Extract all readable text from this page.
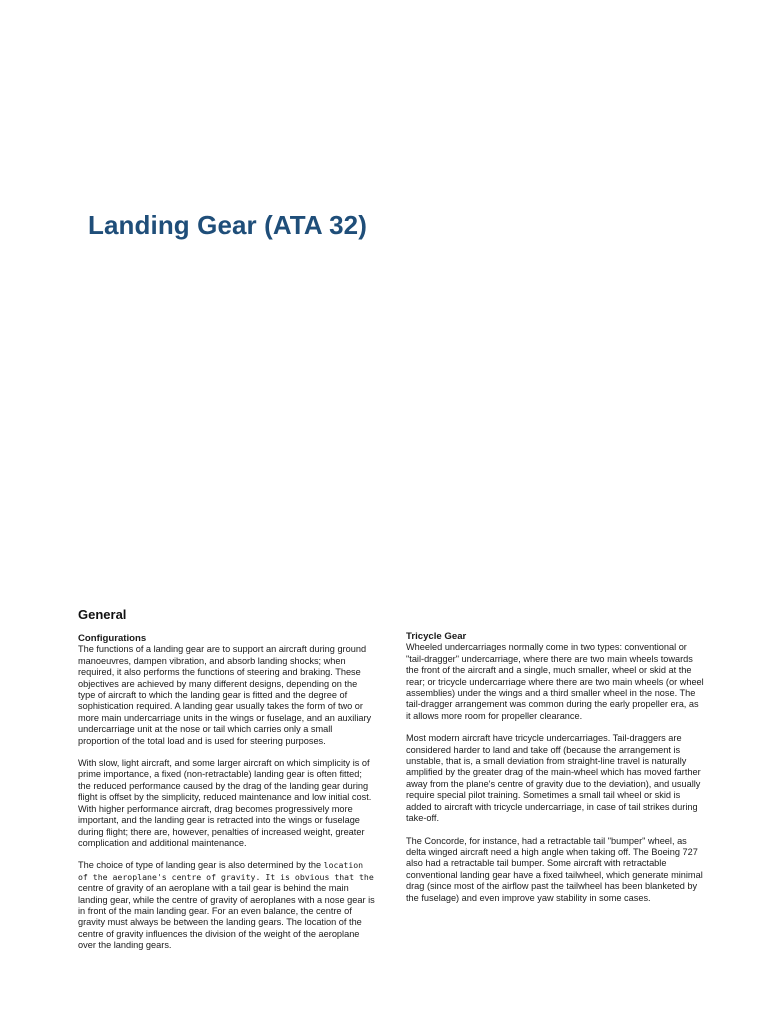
Landing Gear (ATA 32)
General

Configurations

The functions of a landing gear are to support an aircraft during ground manoeuvres, dampen vibration, and absorb landing shocks; when required, it also performs the functions of steering and braking. These objectives are achieved by many different designs, depending on the type of aircraft to which the landing gear is fitted and the degree of sophistication required. A landing gear usually takes the form of two or more main undercarriage units in the wings or fuselage, and an auxiliary undercarriage unit at the nose or tail which carries only a small proportion of the total load and is used for steering purposes.

With slow, light aircraft, and some larger aircraft on which simplicity is of prime importance, a fixed (non-retractable) landing gear is often fitted; the reduced performance caused by the drag of the landing gear during flight is offset by the simplicity, reduced maintenance and low initial cost. With higher performance aircraft, drag becomes progressively more important, and the landing gear is retracted into the wings or fuselage during flight; there are, however, penalties of increased weight, greater complication and additional maintenance.

The choice of type of landing gear is also determined by the location of the aeroplane's centre of gravity. It is obvious that the centre of gravity of an aeroplane with a tail gear is behind the main landing gear, while the centre of gravity of aeroplanes with a nose gear is in front of the main landing gear. For an even balance, the centre of gravity must always be between the landing gears. The location of the centre of gravity influences the division of the weight of the aeroplane over the landing gears.

Tricycle Gear

Wheeled undercarriages normally come in two types: conventional or "tail-dragger" undercarriage, where there are two main wheels towards the front of the aircraft and a single, much smaller, wheel or skid at the rear; or tricycle undercarriage where there are two main wheels (or wheel assemblies) under the wings and a third smaller wheel in the nose. The tail-dragger arrangement was common during the early propeller era, as it allows more room for propeller clearance.

Most modern aircraft have tricycle undercarriages. Tail-draggers are considered harder to land and take off (because the arrangement is unstable, that is, a small deviation from straight-line travel is naturally amplified by the greater drag of the main-wheel which has moved farther away from the plane's centre of gravity due to the deviation), and usually require special pilot training. Sometimes a small tail wheel or skid is added to aircraft with tricycle undercarriage, in case of tail strikes during take-off.

The Concorde, for instance, had a retractable tail "bumper" wheel, as delta winged aircraft need a high angle when taking off. The Boeing 727 also had a retractable tail bumper. Some aircraft with retractable conventional landing gear have a fixed tailwheel, which generate minimal drag (since most of the airflow past the tailwheel has been blanketed by the fuselage) and even improve yaw stability in some cases.
